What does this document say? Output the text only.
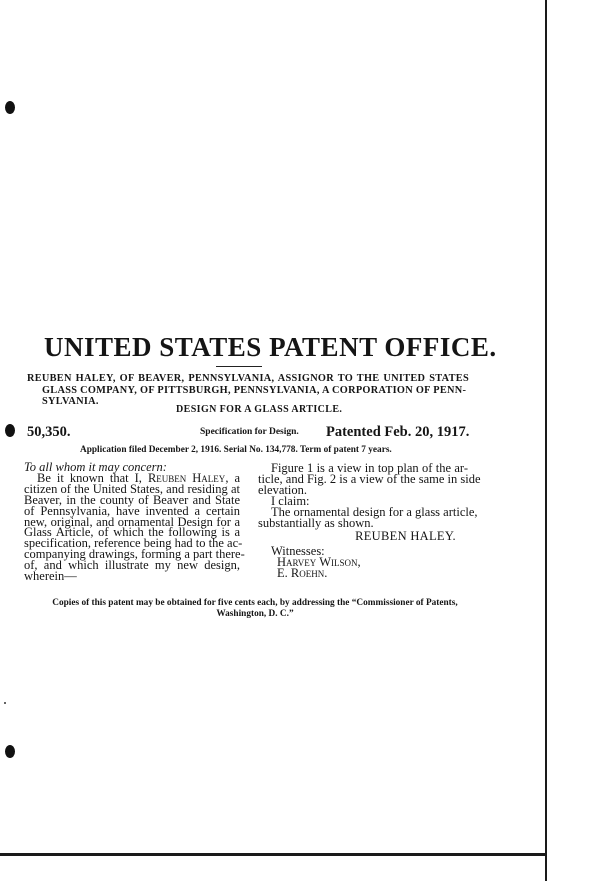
UNITED STATES PATENT OFFICE.
REUBEN HALEY, OF BEAVER, PENNSYLVANIA, ASSIGNOR TO THE UNITED STATES
GLASS COMPANY, OF PITTSBURGH, PENNSYLVANIA, A CORPORATION OF PENN-
SYLVANIA.
DESIGN FOR A GLASS ARTICLE.
50,350.	Specification for Design. Patented Feb. 20, 1917.
Application filed December 2, 1916. Serial No. 134,778. Term of patent 7 years.
To all whom it may concern:
Be it known that I, Reuben Haley, a
citizen of the United States, and residing at
Beaver, in the county of Beaver and State
of Pennsylvania, have invented a certain
new, original, and ornamental Design for a
Glass Article, of which the following is a
specification, reference being had to the ac-
companying drawings, forming a part there-
of, and which illustrate my new design,
wherein—
Figure 1 is a view in top plan of the ar-
ticle, and Fig. 2 is a view of the same in side
elevation.
I claim:
The ornamental design for a glass article,
substantially as shown.
REUBEN HALEY.
Witnesses:
Harvey Wilson,
E. Roehn.
Copies of this patent may be obtained for five cents each, by addressing the “Commissioner of Patents,
Washington, D. C.”
